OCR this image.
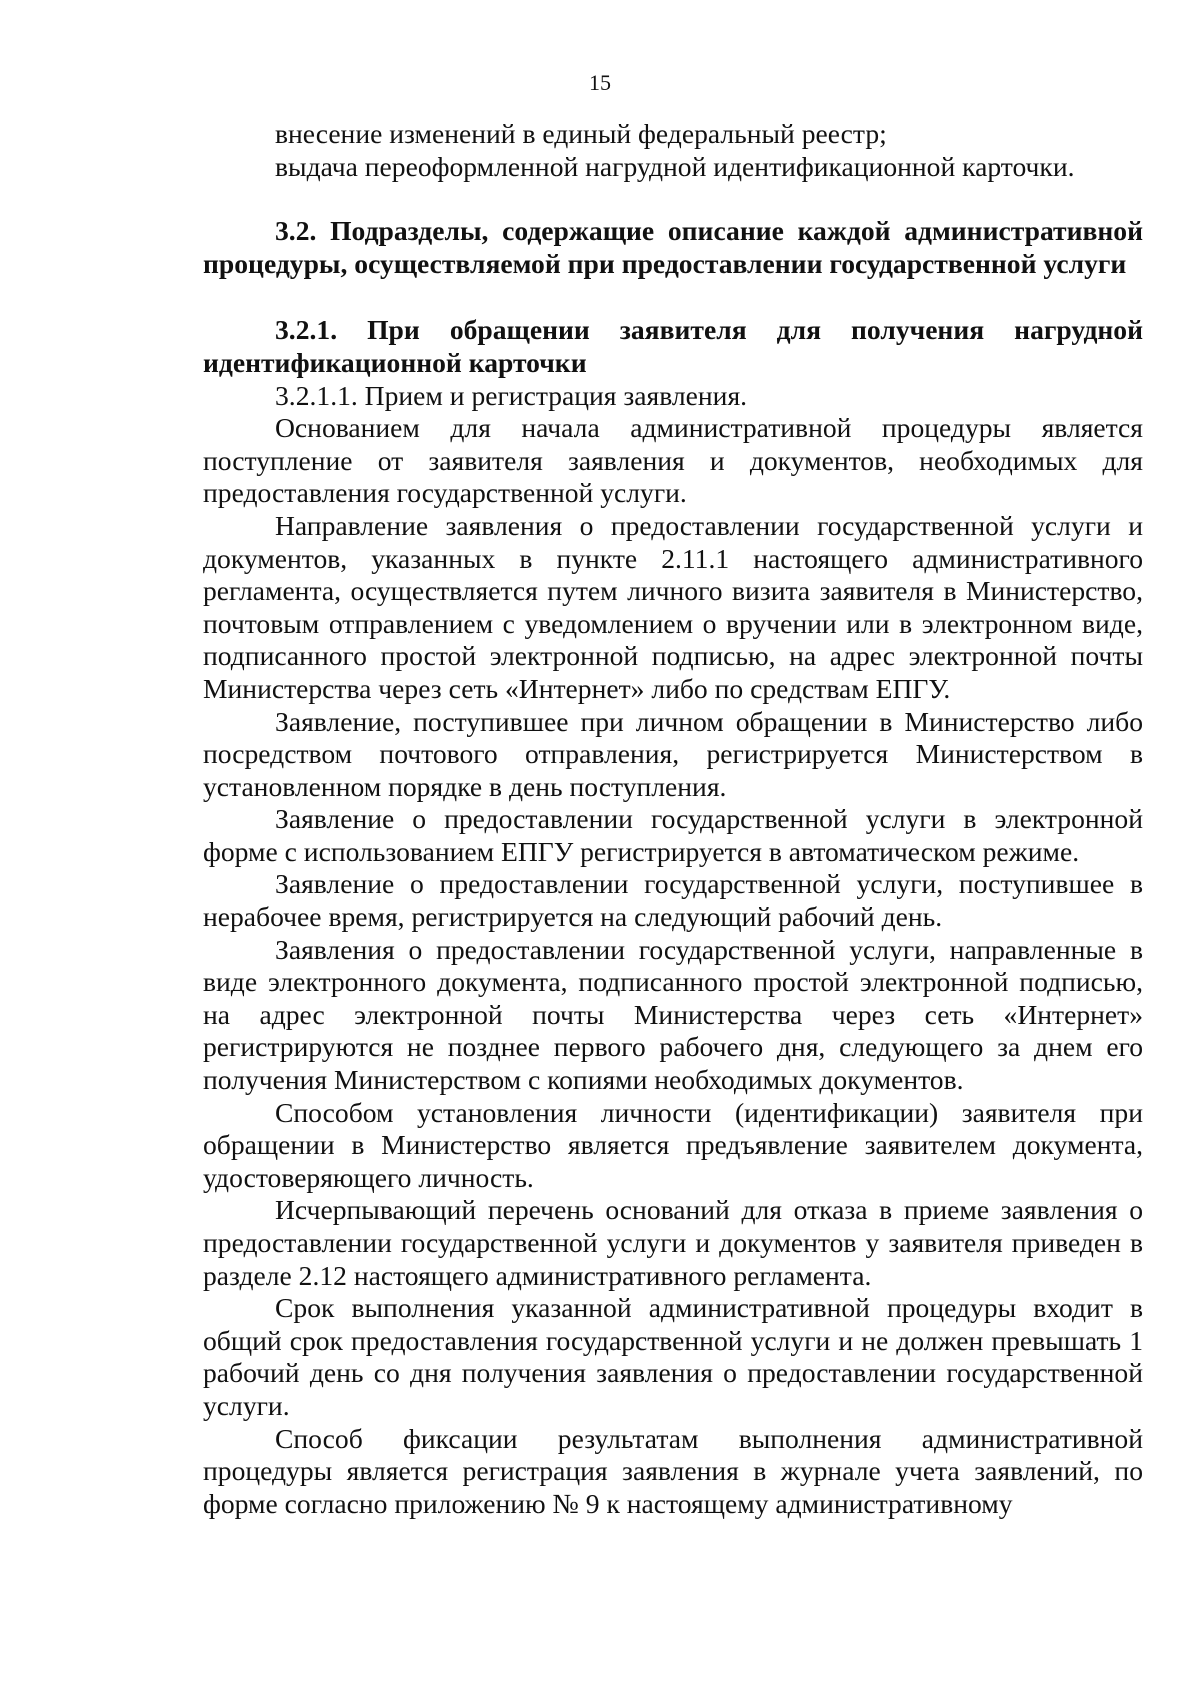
15

внесение изменений в единый федеральный реестр;

выдача переоформленной нагрудной идентификационной карточки.

3.2. Подразделы, содержащие описание каждой административной процедуры, осуществляемой при предоставлении государственной услуги

3.2.1. При обращении заявителя для получения нагрудной идентификационной карточки

3.2.1.1. Прием и регистрация заявления.

Основанием для начала административной процедуры является поступление от заявителя заявления и документов, необходимых для предоставления государственной услуги.

Направление заявления о предоставлении государственной услуги и документов, указанных в пункте 2.11.1 настоящего административного регламента, осуществляется путем личного визита заявителя в Министерство, почтовым отправлением с уведомлением о вручении или в электронном виде, подписанного простой электронной подписью, на адрес электронной почты Министерства через сеть «Интернет» либо по средствам ЕПГУ.

Заявление, поступившее при личном обращении в Министерство либо посредством почтового отправления, регистрируется Министерством в установленном порядке в день поступления.

Заявление о предоставлении государственной услуги в электронной форме с использованием ЕПГУ регистрируется в автоматическом режиме.

Заявление о предоставлении государственной услуги, поступившее в нерабочее время, регистрируется на следующий рабочий день.

Заявления о предоставлении государственной услуги, направленные в виде электронного документа, подписанного простой электронной подписью, на адрес электронной почты Министерства через сеть «Интернет» регистрируются не позднее первого рабочего дня, следующего за днем его получения Министерством с копиями необходимых документов.

Способом установления личности (идентификации) заявителя при обращении в Министерство является предъявление заявителем документа, удостоверяющего личность.

Исчерпывающий перечень оснований для отказа в приеме заявления о предоставлении государственной услуги и документов у заявителя приведен в разделе 2.12 настоящего административного регламента.

Срок выполнения указанной административной процедуры входит в общий срок предоставления государственной услуги и не должен превышать 1 рабочий день со дня получения заявления о предоставлении государственной услуги.

Способ фиксации результатам выполнения административной процедуры является регистрация заявления в журнале учета заявлений, по форме согласно приложению № 9 к настоящему административному
